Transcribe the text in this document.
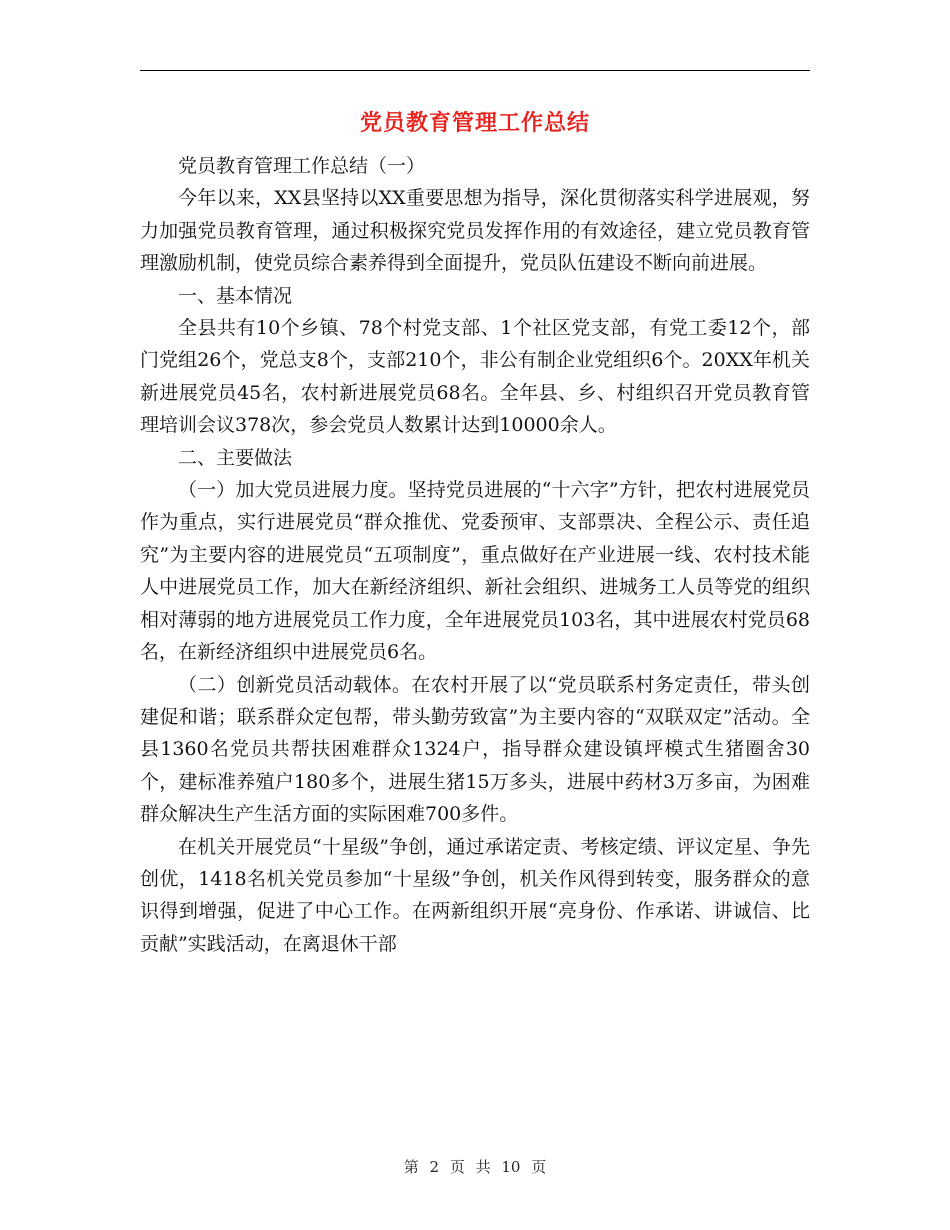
党员教育管理工作总结

党员教育管理工作总结（一）

今年以来，XX县坚持以XX重要思想为指导，深化贯彻落实科学进展观，努力加强党员教育管理，通过积极探究党员发挥作用的有效途径，建立党员教育管理激励机制，使党员综合素养得到全面提升，党员队伍建设不断向前进展。

一、基本情况

全县共有10个乡镇、78个村党支部、1个社区党支部，有党工委12个，部门党组26个，党总支8个，支部210个，非公有制企业党组织6个。20XX年机关新进展党员45名，农村新进展党员68名。全年县、乡、村组织召开党员教育管理培训会议378次，参会党员人数累计达到10000余人。

二、主要做法

（一）加大党员进展力度。坚持党员进展的“十六字”方针，把农村进展党员作为重点，实行进展党员“群众推优、党委预审、支部票决、全程公示、责任追究”为主要内容的进展党员“五项制度”，重点做好在产业进展一线、农村技术能人中进展党员工作，加大在新经济组织、新社会组织、进城务工人员等党的组织相对薄弱的地方进展党员工作力度，全年进展党员103名，其中进展农村党员68名，在新经济组织中进展党员6名。

（二）创新党员活动载体。在农村开展了以“党员联系村务定责任，带头创建促和谐；联系群众定包帮，带头勤劳致富”为主要内容的“双联双定”活动。全县1360名党员共帮扶困难群众1324户，指导群众建设镇坪模式生猪圈舍30个，建标准养殖户180多个，进展生猪15万多头，进展中药材3万多亩，为困难群众解决生产生活方面的实际困难700多件。

在机关开展党员“十星级”争创，通过承诺定责、考核定绩、评议定星、争先创优，1418名机关党员参加“十星级”争创，机关作风得到转变，服务群众的意识得到增强，促进了中心工作。在两新组织开展“亮身份、作承诺、讲诚信、比贡献”实践活动，在离退休干部

第 2 页 共 10 页
